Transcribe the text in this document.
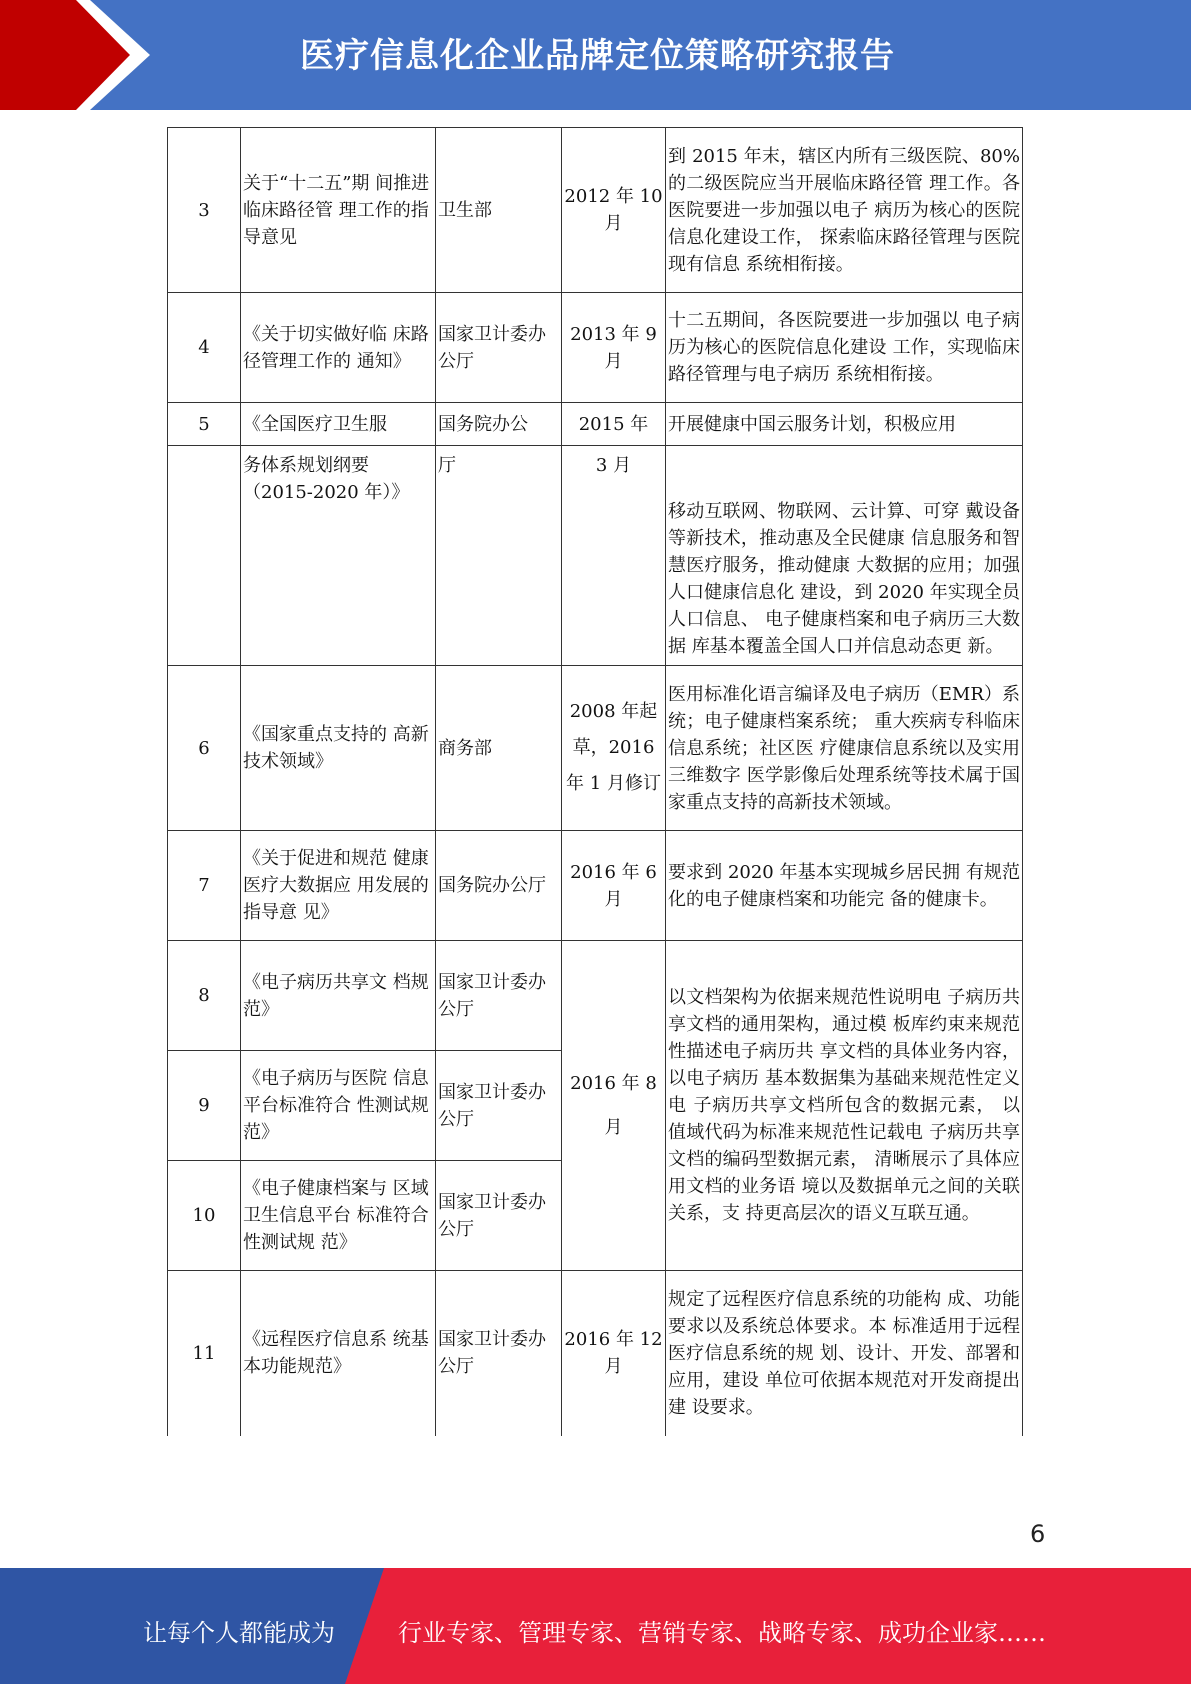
医疗信息化企业品牌定位策略研究报告
3	关于“十二五”期 间推进临床路径管 理工作的指导意见	卫生部	2012 年 10 月	到 2015 年末，辖区内所有三级医院、80%的二级医院应当开展临床路径管 理工作。各医院要进一步加强以电子 病历为核心的医院信息化建设工作， 探索临床路径管理与医院现有信息 系统相衔接。
4	《关于切实做好临 床路径管理工作的 通知》	国家卫计委办公厅	2013 年 9 月	十二五期间，各医院要进一步加强以 电子病历为核心的医院信息化建设 工作，实现临床路径管理与电子病历 系统相衔接。
5	《全国医疗卫生服	国务院办公	2015 年	开展健康中国云服务计划，积极应用
	务体系规划纲要 （2015-2020 年）》	厅	3 月	移动互联网、物联网、云计算、可穿 戴设备等新技术，推动惠及全民健康 信息服务和智慧医疗服务，推动健康 大数据的应用；加强人口健康信息化 建设，到 2020 年实现全员人口信息、 电子健康档案和电子病历三大数据 库基本覆盖全国人口并信息动态更 新。
6	《国家重点支持的 高新技术领域》	商务部	2008 年起草，2016 年 1 月修订	医用标准化语言编译及电子病历（EMR）系统；电子健康档案系统； 重大疾病专科临床信息系统；社区医 疗健康信息系统以及实用三维数字 医学影像后处理系统等技术属于国 家重点支持的高新技术领域。
7	《关于促进和规范 健康医疗大数据应 用发展的指导意 见》	国务院办公厅	2016 年 6 月	要求到 2020 年基本实现城乡居民拥 有规范化的电子健康档案和功能完 备的健康卡。
8	《电子病历共享文 档规范》	国家卫计委办公厅	2016 年 8 月	以文档架构为依据来规范性说明电 子病历共享文档的通用架构，通过模 板库约束来规范性描述电子病历共 享文档的具体业务内容，以电子病历 基本数据集为基础来规范性定义电 子病历共享文档所包含的数据元素， 以值域代码为标准来规范性记载电 子病历共享文档的编码型数据元素， 清晰展示了具体应用文档的业务语 境以及数据单元之间的关联关系，支 持更高层次的语义互联互通。
9	《电子病历与医院 信息平台标准符合 性测试规范》	国家卫计委办公厅		
10	《电子健康档案与 区域卫生信息平台 标准符合性测试规 范》	国家卫计委办公厅		
11	《远程医疗信息系 统基本功能规范》	国家卫计委办公厅	2016 年 12 月	规定了远程医疗信息系统的功能构 成、功能要求以及系统总体要求。本 标准适用于远程医疗信息系统的规 划、设计、开发、部署和应用，建设 单位可依据本规范对开发商提出建 设要求。
6
让每个人都能成为	行业专家、管理专家、营销专家、战略专家、成功企业家……
